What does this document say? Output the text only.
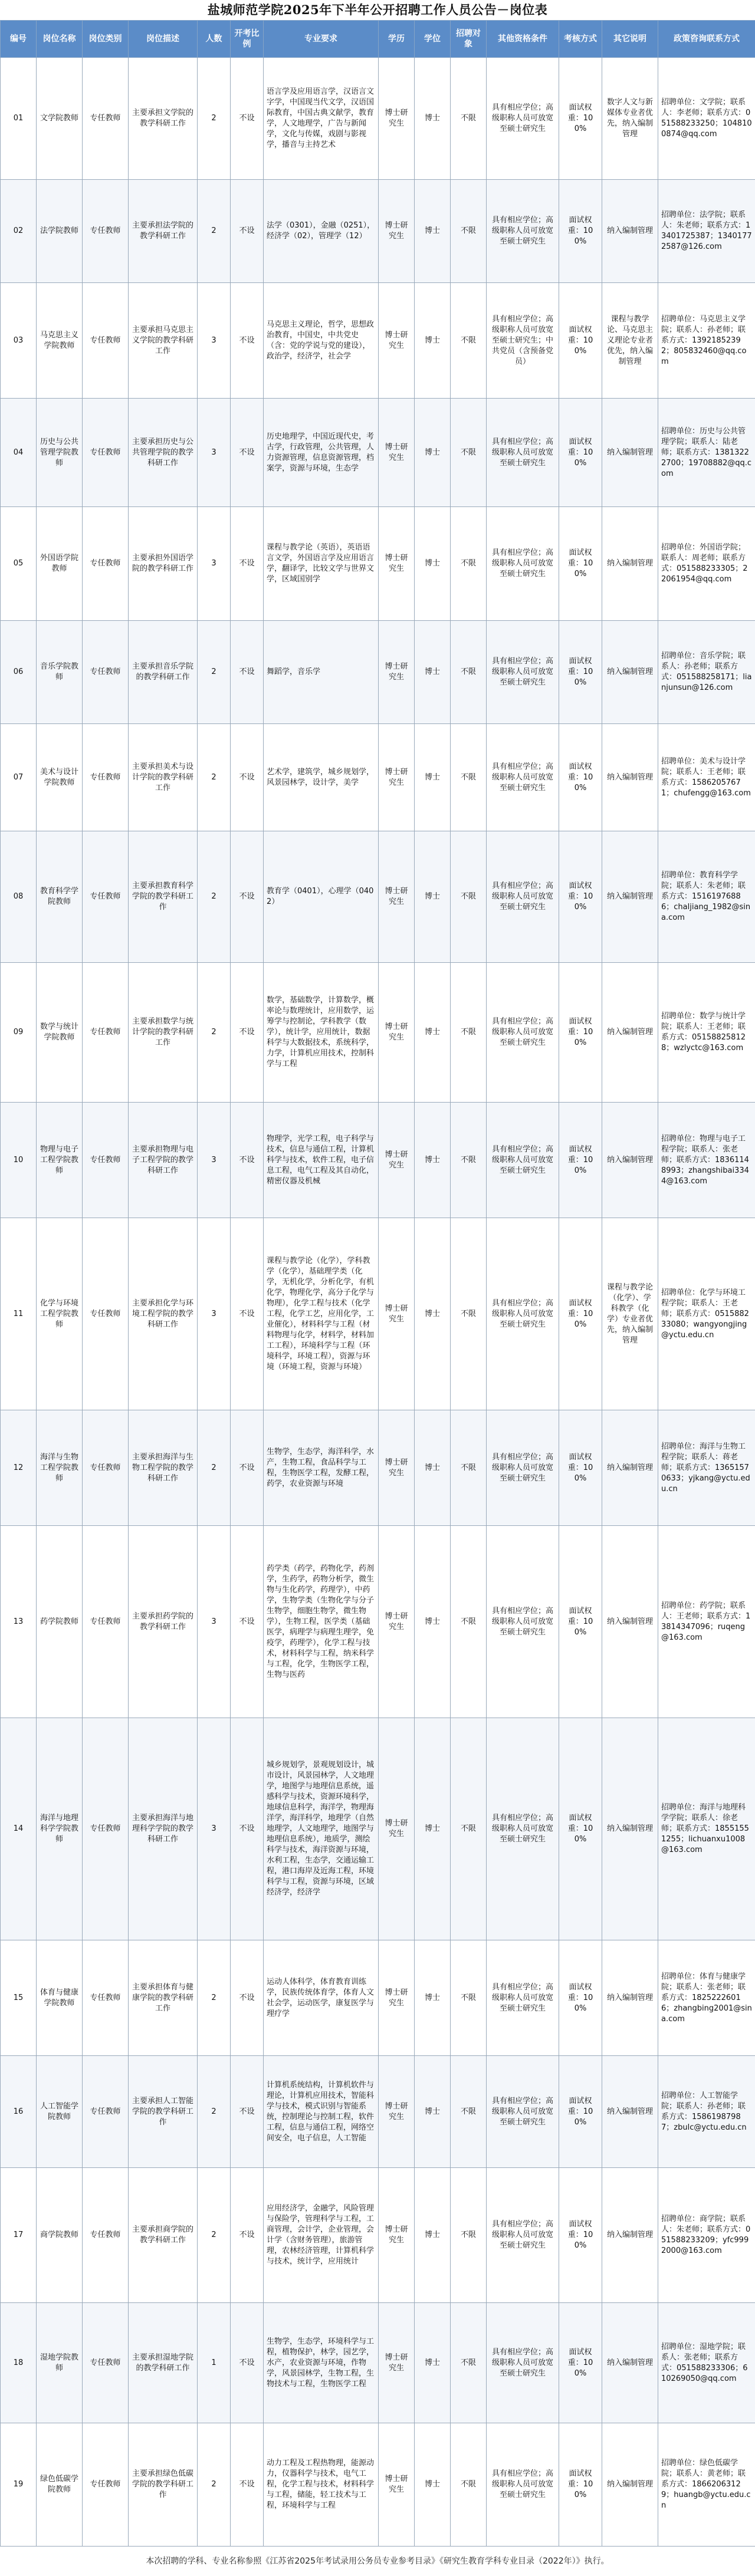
盐城师范学院2025年下半年公开招聘工作人员公告－岗位表
编号	岗位名称	岗位类别	岗位描述	人数	开考比例	专业要求	学历	学位	招聘对象	其他资格条件	考核方式	其它说明	政策咨询联系方式
01	文学院教师	专任教师	主要承担文学院的教学科研工作	2	不设	语言学及应用语言学，汉语言文字学，中国现当代文学，汉语国际教育，中国古典文献学，教育学，人文地理学，广告与新闻学，文化与传媒，戏剧与影视学，播音与主持艺术	博士研究生	博士	不限	具有相应学位；高级职称人员可放宽至硕士研究生	面试权重：100%	数字人文与新媒体专业者优先，纳入编制管理	招聘单位：文学院；联系人：李老师；联系方式：051588233250；1048100874@qq.com
02	法学院教师	专任教师	主要承担法学院的教学科研工作	2	不设	法学（0301），金融（0251），经济学（02），管理学（12）	博士研究生	博士	不限	具有相应学位；高级职称人员可放宽至硕士研究生	面试权重：100%	纳入编制管理	招聘单位：法学院；联系人：朱老师；联系方式：13401725387；13401772587@126.com
03	马克思主义学院教师	专任教师	主要承担马克思主义学院的教学科研工作	3	不设	马克思主义理论，哲学，思想政治教育，中国史，中共党史（含：党的学说与党的建设），政治学，经济学，社会学	博士研究生	博士	不限	具有相应学位；高级职称人员可放宽至硕士研究生；中共党员（含预备党员）	面试权重：100%	课程与教学论、马克思主义理论专业者优先，纳入编制管理	招聘单位：马克思主义学院；联系人：孙老师；联系方式：13921852392；805832460@qq.com
04	历史与公共管理学院教师	专任教师	主要承担历史与公共管理学院的教学科研工作	3	不设	历史地理学，中国近现代史，考古学，行政管理，公共管理，人力资源管理，信息资源管理，档案学，资源与环境，生态学	博士研究生	博士	不限	具有相应学位；高级职称人员可放宽至硕士研究生	面试权重：100%	纳入编制管理	招聘单位：历史与公共管理学院；联系人：陆老师；联系方式：13813222700；19708882@qq.com
05	外国语学院教师	专任教师	主要承担外国语学院的教学科研工作	3	不设	课程与教学论（英语），英语语言文学，外国语言学及应用语言学，翻译学，比较文学与世界文学，区域国别学	博士研究生	博士	不限	具有相应学位；高级职称人员可放宽至硕士研究生	面试权重：100%	纳入编制管理	招聘单位：外国语学院；联系人：周老师；联系方式：051588233305；22061954@qq.com
06	音乐学院教师	专任教师	主要承担音乐学院的教学科研工作	2	不设	舞蹈学，音乐学	博士研究生	博士	不限	具有相应学位；高级职称人员可放宽至硕士研究生	面试权重：100%	纳入编制管理	招聘单位：音乐学院；联系人：孙老师；联系方式：051588258171；lianjunsun@126.com
07	美术与设计学院教师	专任教师	主要承担美术与设计学院的教学科研工作	2	不设	艺术学，建筑学，城乡规划学，风景园林学，设计学，美学	博士研究生	博士	不限	具有相应学位；高级职称人员可放宽至硕士研究生	面试权重：100%	纳入编制管理	招聘单位：美术与设计学院；联系人：王老师；联系方式：15862057671；chufengg@163.com
08	教育科学学院教师	专任教师	主要承担教育科学学院的教学科研工作	2	不设	教育学（0401），心理学（0402）	博士研究生	博士	不限	具有相应学位；高级职称人员可放宽至硕士研究生	面试权重：100%	纳入编制管理	招聘单位：教育科学学院；联系人：朱老师；联系方式：15161976886；chaljiang_1982@sina.com
09	数学与统计学院教师	专任教师	主要承担数学与统计学院的教学科研工作	2	不设	数学，基础数学，计算数学，概率论与数理统计，应用数学，运筹学与控制论，学科教学（数学），统计学，应用统计，数据科学与大数据技术，系统科学，力学，计算机应用技术，控制科学与工程	博士研究生	博士	不限	具有相应学位；高级职称人员可放宽至硕士研究生	面试权重：100%	纳入编制管理	招聘单位：数学与统计学院；联系人：王老师；联系方式：051588258128；wzlyctc@163.com
10	物理与电子工程学院教师	专任教师	主要承担物理与电子工程学院的教学科研工作	3	不设	物理学，光学工程，电子科学与技术，信息与通信工程，计算机科学与技术，软件工程，电子信息工程，电气工程及其自动化，精密仪器及机械	博士研究生	博士	不限	具有相应学位；高级职称人员可放宽至硕士研究生	面试权重：100%	纳入编制管理	招聘单位：物理与电子工程学院；联系人：张老师；联系方式：18361148993；zhangshibai3344@163.com
11	化学与环境工程学院教师	专任教师	主要承担化学与环境工程学院的教学科研工作	3	不设	课程与教学论（化学），学科教学（化学），基础理学类（化学，无机化学，分析化学，有机化学，物理化学，高分子化学与物理），化学工程与技术（化学工程，化学工艺，应用化学，工业催化），材料科学与工程（材料物理与化学，材料学，材料加工工程），环境科学与工程（环境科学，环境工程），资源与环境（环境工程，资源与环境）	博士研究生	博士	不限	具有相应学位；高级职称人员可放宽至硕士研究生	面试权重：100%	课程与教学论（化学）、学科教学（化学）专业者优先，纳入编制管理	招聘单位：化学与环境工程学院；联系人：王老师；联系方式：051588233080；wangyongjing@yctu.edu.cn
12	海洋与生物工程学院教师	专任教师	主要承担海洋与生物工程学院的教学科研工作	2	不设	生物学，生态学，海洋科学，水产，生物工程，食品科学与工程，生物医学工程，发酵工程，药学，农业资源与环境	博士研究生	博士	不限	具有相应学位；高级职称人员可放宽至硕士研究生	面试权重：100%	纳入编制管理	招聘单位：海洋与生物工程学院；联系人：蒋老师；联系方式：13651570633；yjkang@yctu.edu.cn
13	药学院教师	专任教师	主要承担药学院的教学科研工作	3	不设	药学类（药学，药物化学，药剂学，生药学，药物分析学，微生物与生化药学，药理学），中药学，生物学类（生物化学与分子生物学，细胞生物学，微生物学），生物工程，医学类（基础医学，病理学与病理生理学，免疫学，药理学），化学工程与技术，材料科学与工程，纳米科学与工程，化学，生物医学工程，生物与医药	博士研究生	博士	不限	具有相应学位；高级职称人员可放宽至硕士研究生	面试权重：100%	纳入编制管理	招聘单位：药学院；联系人：王老师；联系方式：13814347096；ruqeng@163.com
14	海洋与地理科学学院教师	专任教师	主要承担海洋与地理科学学院的教学科研工作	3	不设	城乡规划学，景观规划设计，城市设计，风景园林学，人文地理学，地图学与地理信息系统，遥感科学与技术，资源环境科学，地球信息科学，海洋学，物理海洋学，海洋科学，地理学（自然地理学，人文地理学，地图学与地理信息系统），地质学，测绘科学与技术，海洋资源与环境，水利工程，生态学，交通运输工程，港口海岸及近海工程，环境科学与工程，资源与环境，区域经济学，经济学	博士研究生	博士	不限	具有相应学位；高级职称人员可放宽至硕士研究生	面试权重：100%	纳入编制管理	招聘单位：海洋与地理科学学院；联系人：徐老师；联系方式：18551551255；lichuanxu1008@163.com
15	体育与健康学院教师	专任教师	主要承担体育与健康学院的教学科研工作	2	不设	运动人体科学，体育教育训练学，民族传统体育学，体育人文社会学，运动医学，康复医学与理疗学	博士研究生	博士	不限	具有相应学位；高级职称人员可放宽至硕士研究生	面试权重：100%	纳入编制管理	招聘单位：体育与健康学院；联系人：张老师；联系方式：18252226016；zhangbing2001@sina.com
16	人工智能学院教师	专任教师	主要承担人工智能学院的教学科研工作	2	不设	计算机系统结构，计算机软件与理论，计算机应用技术，智能科学与技术，模式识别与智能系统，控制理论与控制工程，软件工程，信息与通信工程，网络空间安全，电子信息，人工智能	博士研究生	博士	不限	具有相应学位；高级职称人员可放宽至硕士研究生	面试权重：100%	纳入编制管理	招聘单位：人工智能学院；联系人：孙老师；联系方式：15861987987；zbulc@yctu.edu.cn
17	商学院教师	专任教师	主要承担商学院的教学科研工作	2	不设	应用经济学，金融学，风险管理与保险学，管理科学与工程，工商管理，会计学，企业管理，会计学（含财务管理），旅游管理，农林经济管理，计算机科学与技术，统计学，应用统计	博士研究生	博士	不限	具有相应学位；高级职称人员可放宽至硕士研究生	面试权重：100%	纳入编制管理	招聘单位：商学院；联系人：朱老师；联系方式：051588233209；yfc9992000@163.com
18	湿地学院教师	专任教师	主要承担湿地学院的教学科研工作	1	不设	生物学，生态学，环境科学与工程，植物保护，林学，园艺学，水产，农业资源与环境，作物学，风景园林学，生物工程，生物技术与工程，生物医学工程	博士研究生	博士	不限	具有相应学位；高级职称人员可放宽至硕士研究生	面试权重：100%	纳入编制管理	招聘单位：湿地学院；联系人：张老师；联系方式：051588233306；610269050@qq.com
19	绿色低碳学院教师	专任教师	主要承担绿色低碳学院的教学科研工作	2	不设	动力工程及工程热物理，能源动力，仪器科学与技术，电气工程，化学工程与技术，材料科学与工程，储能，轻工技术与工程，环境科学与工程	博士研究生	博士	不限	具有相应学位；高级职称人员可放宽至硕士研究生	面试权重：100%	纳入编制管理	招聘单位：绿色低碳学院；联系人：黄老师；联系方式：18662063129；huangb@yctu.edu.cn
本次招聘的学科、专业名称参照《江苏省2025年考试录用公务员专业参考目录》《研究生教育学科专业目录（2022年）》执行。
